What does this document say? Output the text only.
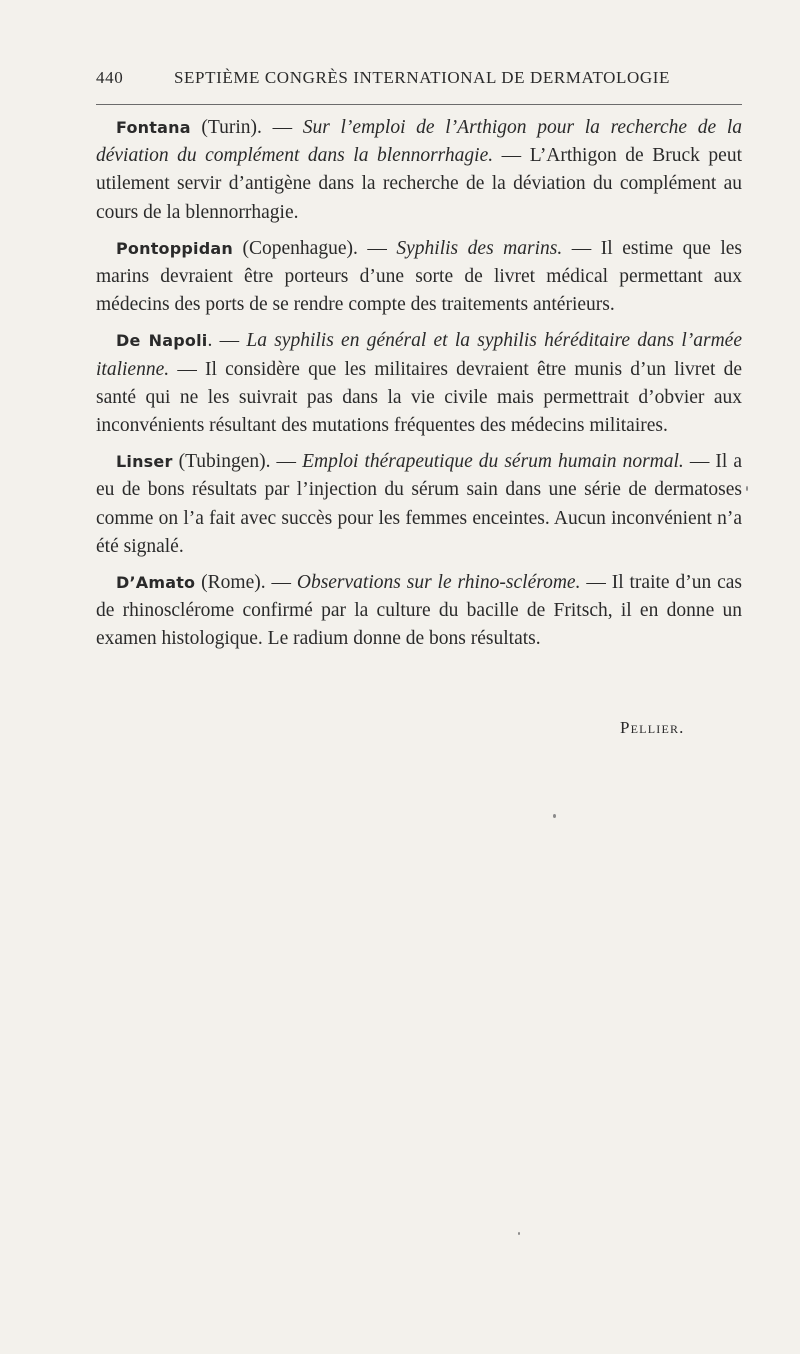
440	SEPTIÈME CONGRÈS INTERNATIONAL DE DERMATOLOGIE

Fontana (Turin). — Sur l’emploi de l’Arthigon pour la recherche de la déviation du complément dans la blennorrhagie. — L’Arthigon de Bruck peut utilement servir d’antigène dans la recherche de la déviation du complément au cours de la blennorrhagie.

Pontoppidan (Copenhague). — Syphilis des marins. — Il estime que les marins devraient être porteurs d’une sorte de livret médical permettant aux médecins des ports de se rendre compte des traitements antérieurs.

De Napoli. — La syphilis en général et la syphilis héréditaire dans l’armée italienne. — Il considère que les militaires devraient être munis d’un livret de santé qui ne les suivrait pas dans la vie civile mais permettrait d’obvier aux inconvénients résultant des mutations fréquentes des médecins militaires.

Linser (Tubingen). — Emploi thérapeutique du sérum humain normal. — Il a eu de bons résultats par l’injection du sérum sain dans une série de dermatoses comme on l’a fait avec succès pour les femmes enceintes. Aucun inconvénient n’a été signalé.

D’Amato (Rome). — Observations sur le rhino-sclérome. — Il traite d’un cas de rhinosclérome confirmé par la culture du bacille de Fritsch, il en donne un examen histologique. Le radium donne de bons résultats.

Pellier.
